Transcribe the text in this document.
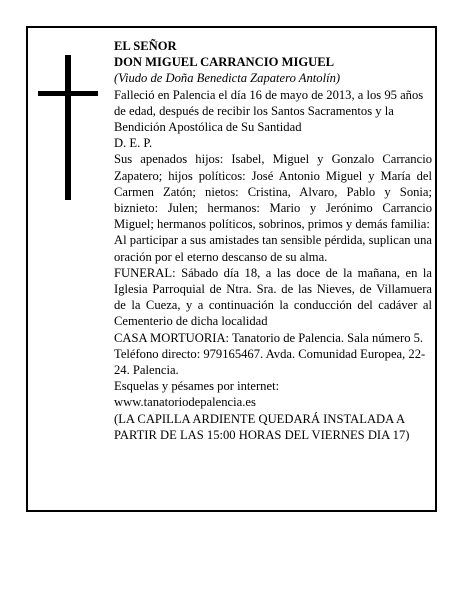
EL SEÑOR

DON MIGUEL CARRANCIO MIGUEL

(Viudo de Doña Benedicta Zapatero Antolín)

Falleció en Palencia el día 16 de mayo de 2013, a los 95 años de edad, después de recibir los Santos Sacramentos y la Bendición Apostólica de Su Santidad

D. E. P.

Sus apenados hijos: Isabel, Miguel y Gonzalo Carrancio Zapatero; hijos políticos: José Antonio Miguel y María del Carmen Zatón; nietos: Cristina, Alvaro, Pablo y Sonia; biznieto: Julen; hermanos: Mario y Jerónimo Carrancio Miguel; hermanos políticos, sobrinos, primos y demás familia:

Al participar a sus amistades tan sensible pérdida, suplican una oración por el eterno descanso de su alma.

FUNERAL: Sábado día 18, a las doce de la mañana, en la Iglesia Parroquial de Ntra. Sra. de las Nieves, de Villamuera de la Cueza, y a continuación la conducción del cadáver al Cementerio de dicha localidad

CASA MORTUORIA: Tanatorio de Palencia. Sala número 5. Teléfono directo: 979165467. Avda. Comunidad Europea, 22-24. Palencia.

Esquelas y pésames por internet:

www.tanatoriodepalencia.es

(LA CAPILLA ARDIENTE QUEDARÁ INSTALADA A PARTIR DE LAS 15:00 HORAS DEL VIERNES DIA 17)
